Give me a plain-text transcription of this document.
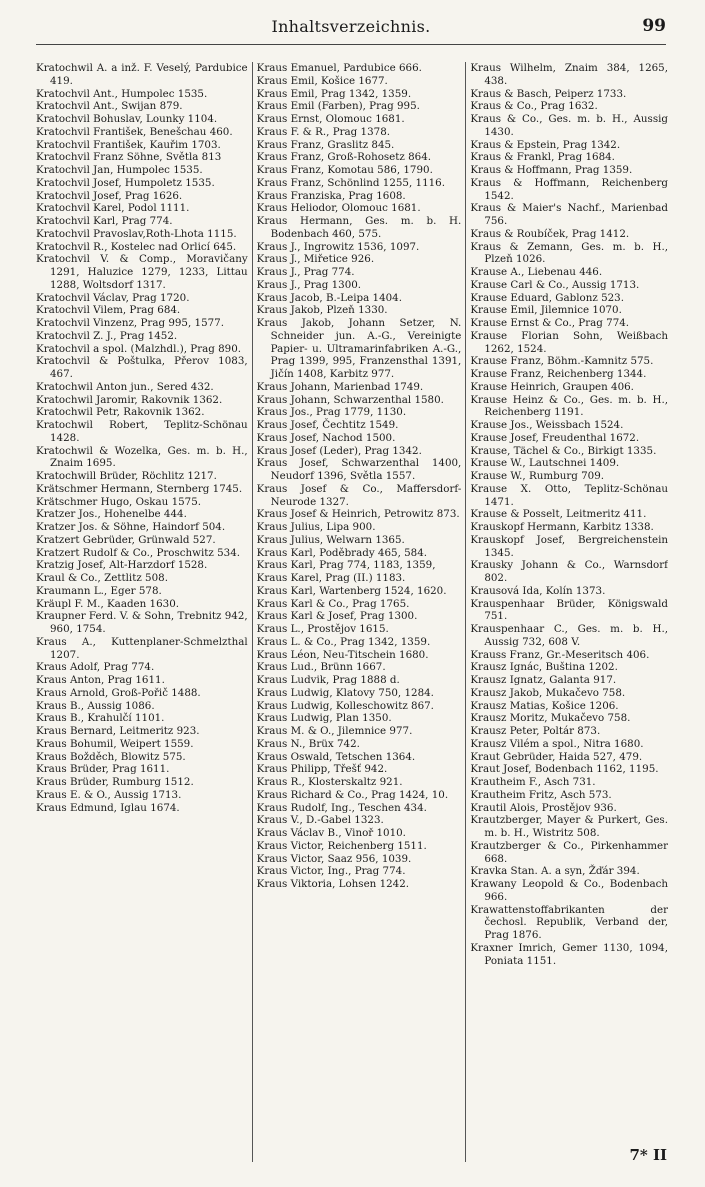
Inhaltsverzeichnis.	99

Kratochwil A. a inž. F. Veselý, Pardubice 419.

Kratochvil Ant., Humpolec 1535.

Kratochvil Ant., Swijan 879.

Kratochvil Bohuslav, Lounky 1104.

Kratochvil František, Benešchau 460.

Kratochvil František, Kauřim 1703.

Kratochvil Franz Söhne, Světla 813

Kratochvil Jan, Humpolec 1535.

Kratochvil Josef, Humpoletz 1535.

Kratochvil Josef, Prag 1626.

Kratochvil Karel, Podol 1111.

Kratochvil Karl, Prag 774.

Kratochvil Pravoslav,Roth-Lhota 1115.

Kratochvil R., Kostelec nad Orlicí 645.

Kratochvil V. & Comp., Moravičany 1291, Haluzice 1279, 1233, Littau 1288, Woltsdorf 1317.

Kratochvil Václav, Prag 1720.

Kratochvil Vilem, Prag 684.

Kratochvil Vinzenz, Prag 995, 1577.

Kratochvil Z. J., Prag 1452.

Kratochvil a spol. (Malzhdl.), Prag 890.

Kratochvil & Poštulka, Přerov 1083, 467.

Kratochwil Anton jun., Sered 432.

Kratochwil Jaromir, Rakovnik 1362.

Kratochwil Petr, Rakovnik 1362.

Kratochwil Robert, Teplitz-Schönau 1428.

Kratochwil & Wozelka, Ges. m. b. H., Znaim 1695.

Kratochwill Brüder, Röchlitz 1217.

Krätschmer Hermann, Sternberg 1745.

Krätschmer Hugo, Oskau 1575.

Kratzer Jos., Hohenelbe 444.

Kratzer Jos. & Söhne, Haindorf 504.

Kratzert Gebrüder, Grünwald 527.

Kratzert Rudolf & Co., Proschwitz 534.

Kratzig Josef, Alt-Harzdorf 1528.

Kraul & Co., Zettlitz 508.

Kraumann L., Eger 578.

Kräupl F. M., Kaaden 1630.

Kraupner Ferd. V. & Sohn, Trebnitz 942, 960, 1754.

Kraus A., Kuttenplaner-Schmelzthal 1207.

Kraus Adolf, Prag 774.

Kraus Anton, Prag 1611.

Kraus Arnold, Groß-Pořič 1488.

Kraus B., Aussig 1086.

Kraus B., Krahulčí 1101.

Kraus Bernard, Leitmeritz 923.

Kraus Bohumil, Weipert 1559.

Kraus Božděch, Blowitz 575.

Kraus Brüder, Prag 1611.

Kraus Brüder, Rumburg 1512.

Kraus E. & O., Aussig 1713.

Kraus Edmund, Iglau 1674.

Kraus Emanuel, Pardubice 666.

Kraus Emil, Košice 1677.

Kraus Emil, Prag 1342, 1359.

Kraus Emil (Farben), Prag 995.

Kraus Ernst, Olomouc 1681.

Kraus F. & R., Prag 1378.

Kraus Franz, Graslitz 845.

Kraus Franz, Groß-Rohosetz 864.

Kraus Franz, Komotau 586, 1790.

Kraus Franz, Schönlind 1255, 1116.

Kraus Franziska, Prag 1608.

Kraus Heliodor, Olomouc 1681.

Kraus Hermann, Ges. m. b. H. Bodenbach 460, 575.

Kraus J., Ingrowitz 1536, 1097.

Kraus J., Miřetice 926.

Kraus J., Prag 774.

Kraus J., Prag 1300.

Kraus Jacob, B.-Leipa 1404.

Kraus Jakob, Plzeň 1330.

Kraus Jakob, Johann Setzer, N. Schneider jun. A.-G., Vereinigte Papier- u. Ultramarinfabriken A.-G., Prag 1399, 995, Franzensthal 1391, Jičín 1408, Karbitz 977.

Kraus Johann, Marienbad 1749.

Kraus Johann, Schwarzenthal 1580.

Kraus Jos., Prag 1779, 1130.

Kraus Josef, Čechtitz 1549.

Kraus Josef, Nachod 1500.

Kraus Josef (Leder), Prag 1342.

Kraus Josef, Schwarzenthal 1400, Neudorf 1396, Světla 1557.

Kraus Josef & Co., Maffersdorf-Neurode 1327.

Kraus Josef & Heinrich, Petrowitz 873.

Kraus Julius, Lipa 900.

Kraus Julius, Welwarn 1365.

Kraus Karl, Poděbrady 465, 584.

Kraus Karl, Prag 774, 1183, 1359,

Kraus Karel, Prag (II.) 1183.

Kraus Karl, Wartenberg 1524, 1620.

Kraus Karl & Co., Prag 1765.

Kraus Karl & Josef, Prag 1300.

Kraus L., Prostějov 1615.

Kraus L. & Co., Prag 1342, 1359.

Kraus Léon, Neu-Titschein 1680.

Kraus Lud., Brünn 1667.

Kraus Ludvik, Prag 1888 d.

Kraus Ludwig, Klatovy 750, 1284.

Kraus Ludwig, Kolleschowitz 867.

Kraus Ludwig, Plan 1350.

Kraus M. & O., Jilemnice 977.

Kraus N., Brüx 742.

Kraus Oswald, Tetschen 1364.

Kraus Philipp, Třešť 942.

Kraus R., Klosterskaltz 921.

Kraus Richard & Co., Prag 1424, 10.

Kraus Rudolf, Ing., Teschen 434.

Kraus V., D.-Gabel 1323.

Kraus Václav B., Vinoř 1010.

Kraus Victor, Reichenberg 1511.

Kraus Victor, Saaz 956, 1039.

Kraus Victor, Ing., Prag 774.

Kraus Viktoria, Lohsen 1242.

Kraus Wilhelm, Znaim 384, 1265, 438.

Kraus & Basch, Peiperz 1733.

Kraus & Co., Prag 1632.

Kraus & Co., Ges. m. b. H., Aussig 1430.

Kraus & Epstein, Prag 1342.

Kraus & Frankl, Prag 1684.

Kraus & Hoffmann, Prag 1359.

Kraus & Hoffmann, Reichenberg 1542.

Kraus & Maier's Nachf., Marienbad 756.

Kraus & Roubíček, Prag 1412.

Kraus & Zemann, Ges. m. b. H., Plzeň 1026.

Krause A., Liebenau 446.

Krause Carl & Co., Aussig 1713.

Krause Eduard, Gablonz 523.

Krause Emil, Jilemnice 1070.

Krause Ernst & Co., Prag 774.

Krause Florian Sohn, Weißbach 1262, 1524.

Krause Franz, Böhm.-Kamnitz 575.

Krause Franz, Reichenberg 1344.

Krause Heinrich, Graupen 406.

Krause Heinz & Co., Ges. m. b. H., Reichenberg 1191.

Krause Jos., Weissbach 1524.

Krause Josef, Freudenthal 1672.

Krause, Tächel & Co., Birkigt 1335.

Krause W., Lautschnei 1409.

Krause W., Rumburg 709.

Krause X. Otto, Teplitz-Schönau 1471.

Krause & Posselt, Leitmeritz 411.

Krauskopf Hermann, Karbitz 1338.

Krauskopf Josef, Bergreichenstein 1345.

Krausky Johann & Co., Warnsdorf 802.

Krausová Ida, Kolín 1373.

Krauspenhaar Brüder, Königswald 751.

Krauspenhaar C., Ges. m. b. H., Aussig 732, 608 V.

Krauss Franz, Gr.-Meseritsch 406.

Krausz Ignác, Buština 1202.

Krausz Ignatz, Galanta 917.

Krausz Jakob, Mukačevo 758.

Krausz Matias, Košice 1206.

Krausz Moritz, Mukačevo 758.

Krausz Peter, Poltár 873.

Krausz Vilém a spol., Nitra 1680.

Kraut Gebrüder, Haida 527, 479.

Kraut Josef, Bodenbach 1162, 1195.

Krautheim F., Asch 731.

Krautheim Fritz, Asch 573.

Krautil Alois, Prostějov 936.

Krautzberger, Mayer & Purkert, Ges. m. b. H., Wistritz 508.

Krautzberger & Co., Pirkenhammer 668.

Kravka Stan. A. a syn, Žďár 394.

Krawany Leopold & Co., Bodenbach 966.

Krawattenstoffabrikanten der čechosl. Republik, Verband der, Prag 1876.

Kraxner Imrich, Gemer 1130, 1094, Poniata 1151.

7* II
